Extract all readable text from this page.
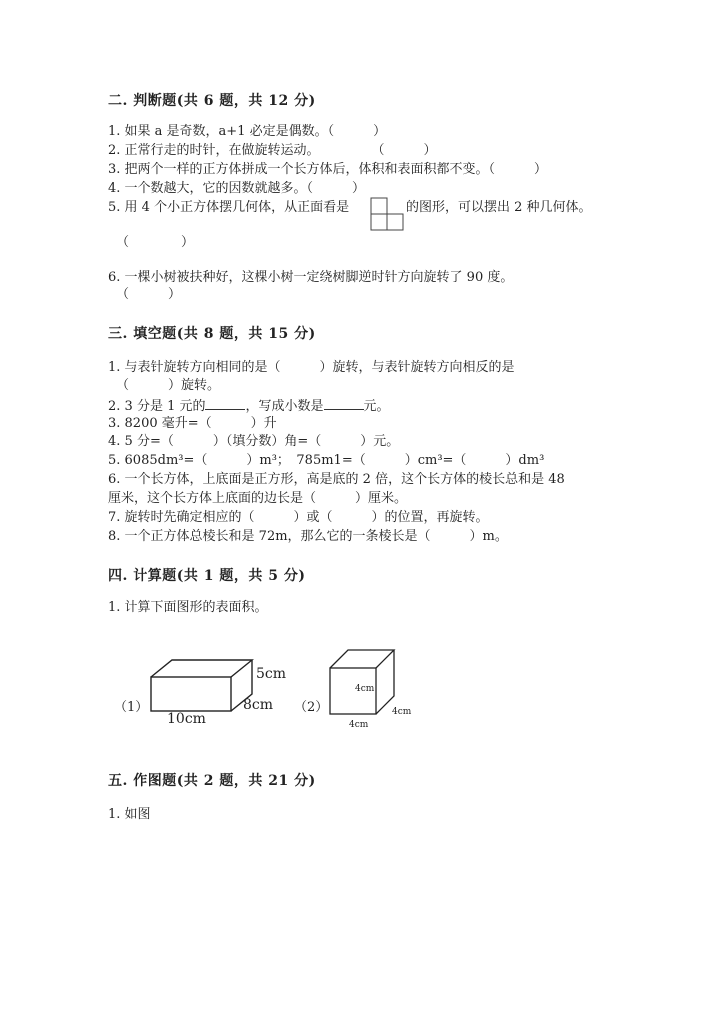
二. 判断题(共 6 题，共 12 分)
1. 如果 a 是奇数，a+1 必定是偶数。（　　　）
2. 正常行走的时针，在做旋转运动。　　　　　（　　　）
3. 把两个一样的正方体拼成一个长方体后，体积和表面积都不变。（　　　）
4. 一个数越大，它的因数就越多。（　　　）
5. 用 4 个小正方体摆几何体，从正面看是	的图形，可以摆出 2 种几何体。
（　　　　）
6. 一棵小树被扶种好，这棵小树一定绕树脚逆时针方向旋转了 90 度。
（　　　）
三. 填空题(共 8 题，共 15 分)
1. 与表针旋转方向相同的是（　　　）旋转，与表针旋转方向相反的是
（　　　）旋转。
2. 3 分是 1 元的	，写成小数是	元。
3. 8200 毫升=（　　　）升
4. 5 分=（　　　）（填分数）角=（　　　）元。
5. 6085dm³=（　　　）m³；　785m1=（　　　）cm³=（　　　）dm³
6. 一个长方体，上底面是正方形，高是底的 2 倍，这个长方体的棱长总和是 48
厘米，这个长方体上底面的边长是（　　　）厘米。
7. 旋转时先确定相应的（　　　）或（　　　）的位置，再旋转。
8. 一个正方体总棱长和是 72m，那么它的一条棱长是（　　　）m。
四. 计算题(共 1 题，共 5 分)
1. 计算下面图形的表面积。
（1）
5cm
8cm
10cm
（2）
4cm
4cm
4cm
五. 作图题(共 2 题，共 21 分)
1. 如图
